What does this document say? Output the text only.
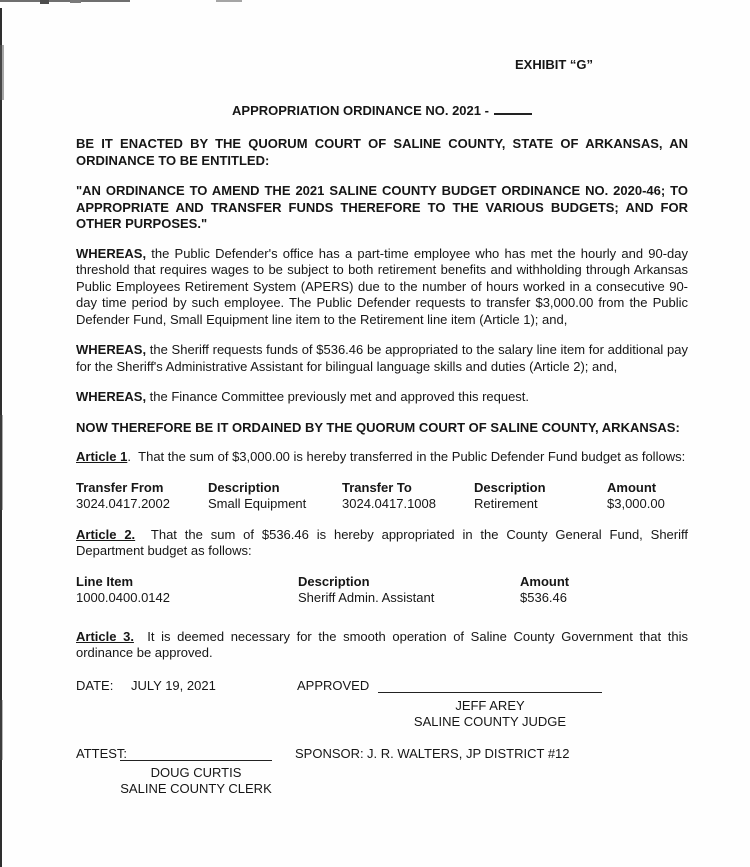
EXHIBIT “G”
APPROPRIATION ORDINANCE NO. 2021 -

BE IT ENACTED BY THE QUORUM COURT OF SALINE COUNTY, STATE OF ARKANSAS, AN ORDINANCE TO BE ENTITLED:

"AN ORDINANCE TO AMEND THE 2021 SALINE COUNTY BUDGET ORDINANCE NO. 2020-46; TO APPROPRIATE AND TRANSFER FUNDS THEREFORE TO THE VARIOUS BUDGETS; AND FOR OTHER PURPOSES."

WHEREAS, the Public Defender's office has a part-time employee who has met the hourly and 90-day threshold that requires wages to be subject to both retirement benefits and withholding through Arkansas Public Employees Retirement System (APERS) due to the number of hours worked in a consecutive 90-day time period by such employee. The Public Defender requests to transfer $3,000.00 from the Public Defender Fund, Small Equipment line item to the Retirement line item (Article 1); and,

WHEREAS, the Sheriff requests funds of $536.46 be appropriated to the salary line item for additional pay for the Sheriff's Administrative Assistant for bilingual language skills and duties (Article 2); and,

WHEREAS, the Finance Committee previously met and approved this request.

NOW THEREFORE BE IT ORDAINED BY THE QUORUM COURT OF SALINE COUNTY, ARKANSAS:

Article 1.  That the sum of $3,000.00 is hereby transferred in the Public Defender Fund budget as follows:

Transfer From	Description	Transfer To	Description	Amount
3024.0417.2002	Small Equipment	3024.0417.1008	Retirement	$3,000.00

Article 2.  That the sum of $536.46 is hereby appropriated in the County General Fund, Sheriff Department budget as follows:

Line Item	Description	Amount
1000.0400.0142	Sheriff Admin. Assistant	$536.46

Article 3.  It is deemed necessary for the smooth operation of Saline County Government that this ordinance be approved.

DATE: JULY 19, 2021	APPROVED
JEFF AREY
SALINE COUNTY JUDGE
ATTEST:	SPONSOR: J. R. WALTERS, JP DISTRICT #12
DOUG CURTIS
SALINE COUNTY CLERK
